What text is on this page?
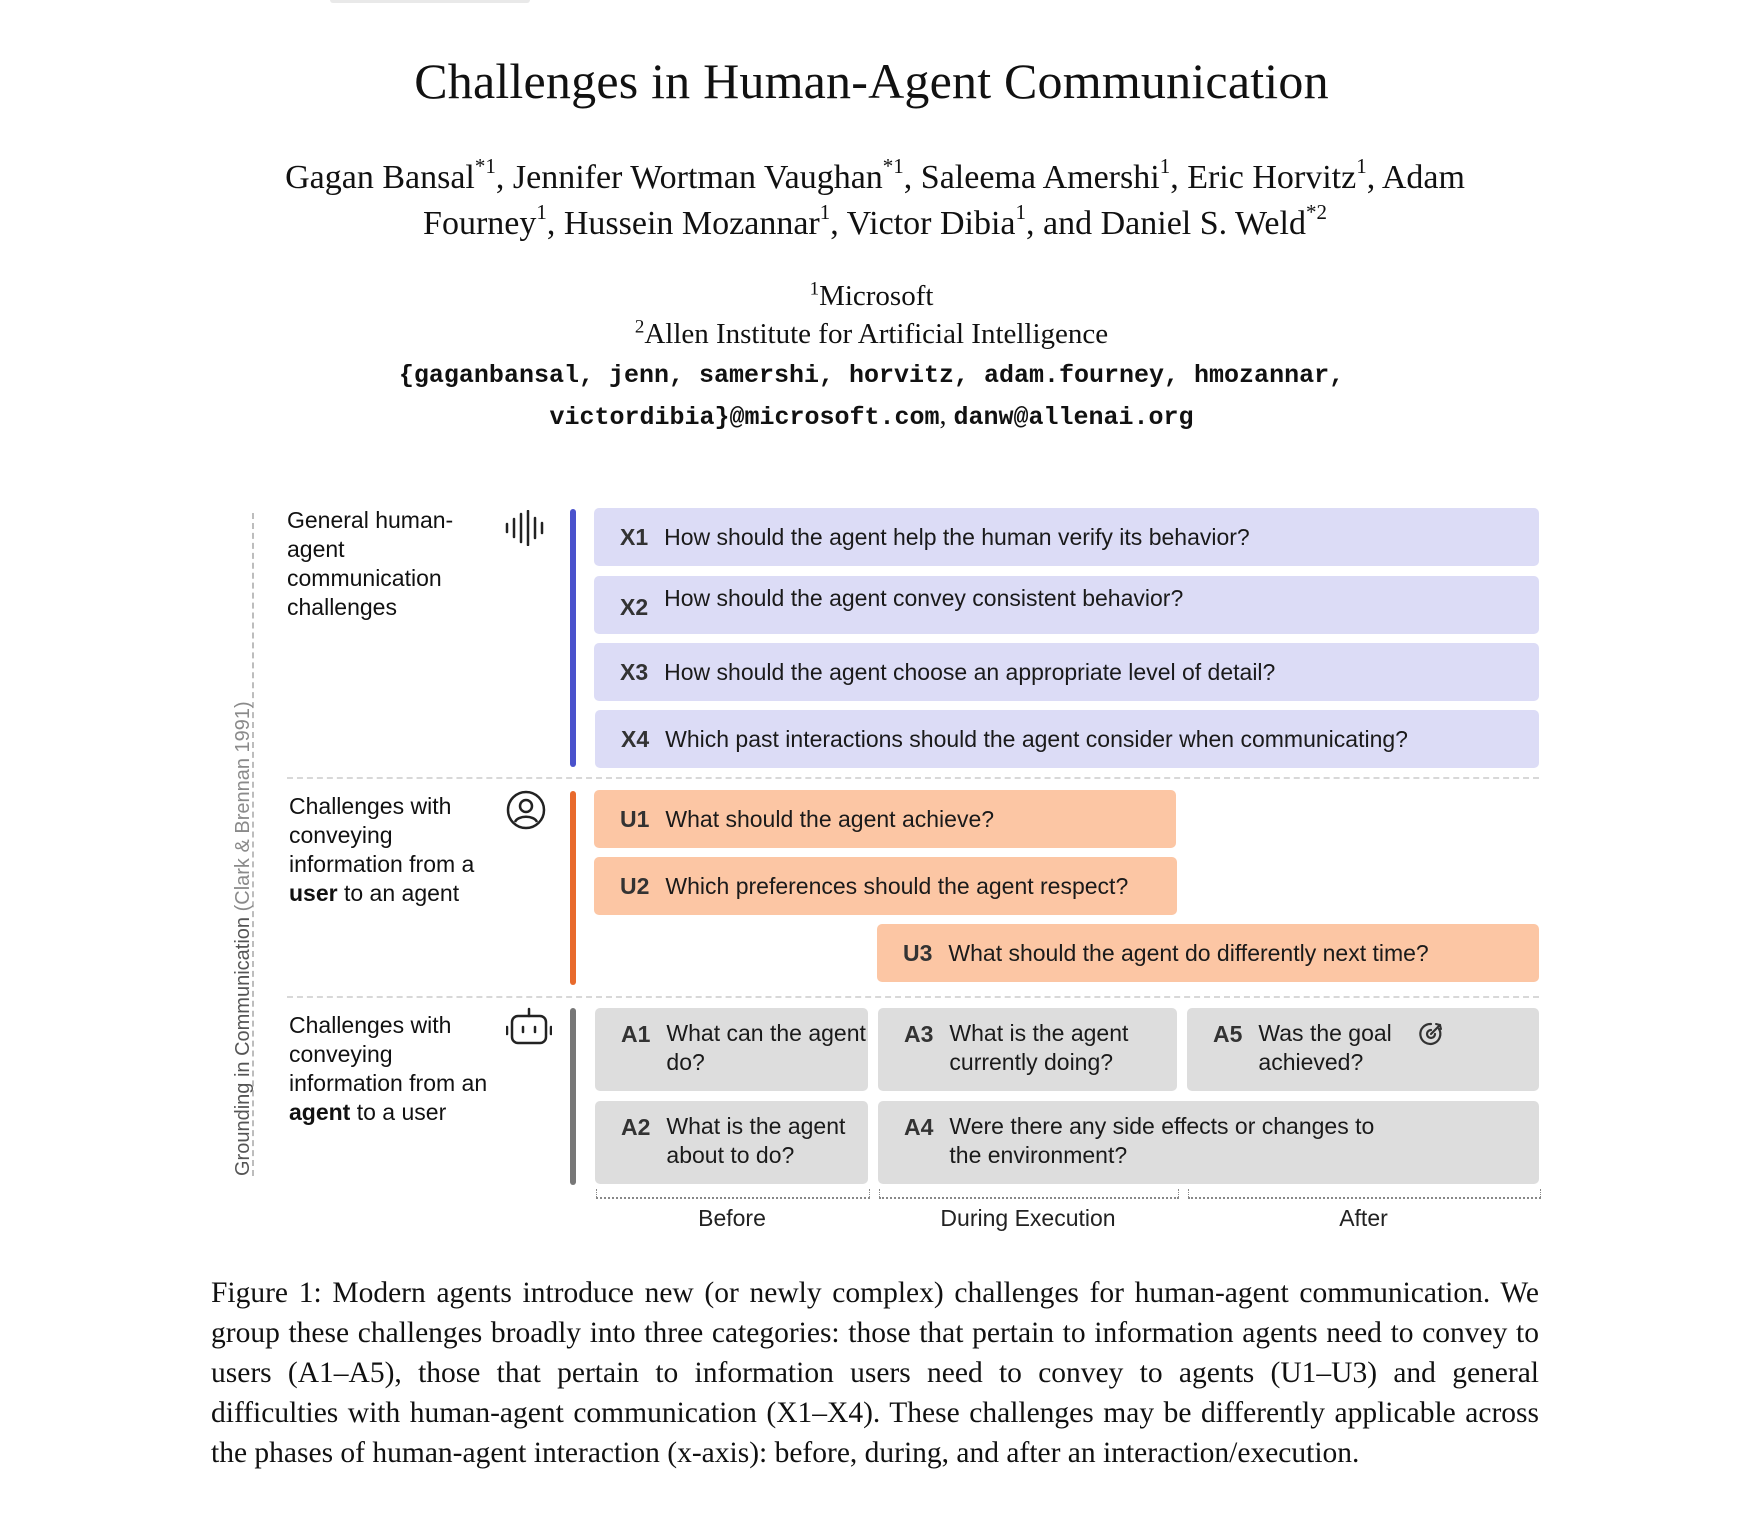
Challenges in Human-Agent Communication
Gagan Bansal$^{*1}$, Jennifer Wortman Vaughan$^{*1}$, Saleema Amershi$^1$, Eric Horvitz$^1$, Adam
Fourney$^1$, Hussein Mozannar$^1$, Victor Dibia$^1$, and Daniel S. Weld$^{*2}$
$^1$Microsoft
$^2$Allen Institute for Artificial Intelligence
{gaganbansal, jenn, samershi, horvitz, adam.fourney, hmozannar,
victordibia}@microsoft.com, danw@allenai.org
Grounding in Communication (Clark & Brennan 1991)
General human-agent communication challenges
X1 How should the agent help the human verify its behavior?
X2 How should the agent convey consistent behavior?
X3 How should the agent choose an appropriate level of detail?
X4 Which past interactions should the agent consider when communicating?
Challenges with conveying information from a user to an agent
U1 What should the agent achieve?
U2 Which preferences should the agent respect?
U3 What should the agent do differently next time?
Challenges with conveying information from an agent to a user
A1 What can the agent do?
A3 What is the agent currently doing?
A5 Was the goal achieved?
A2 What is the agent about to do?
A4 Were there any side effects or changes to the environment?
Before	During Execution	After
Figure 1: Modern agents introduce new (or newly complex) challenges for human-agent communication. We group these challenges broadly into three categories: those that pertain to information agents need to convey to users (A1–A5), those that pertain to information users need to convey to agents (U1–U3) and general difficulties with human-agent communication (X1–X4). These challenges may be differently applicable across the phases of human-agent interaction (x-axis): before, during, and after an interaction/execution.
